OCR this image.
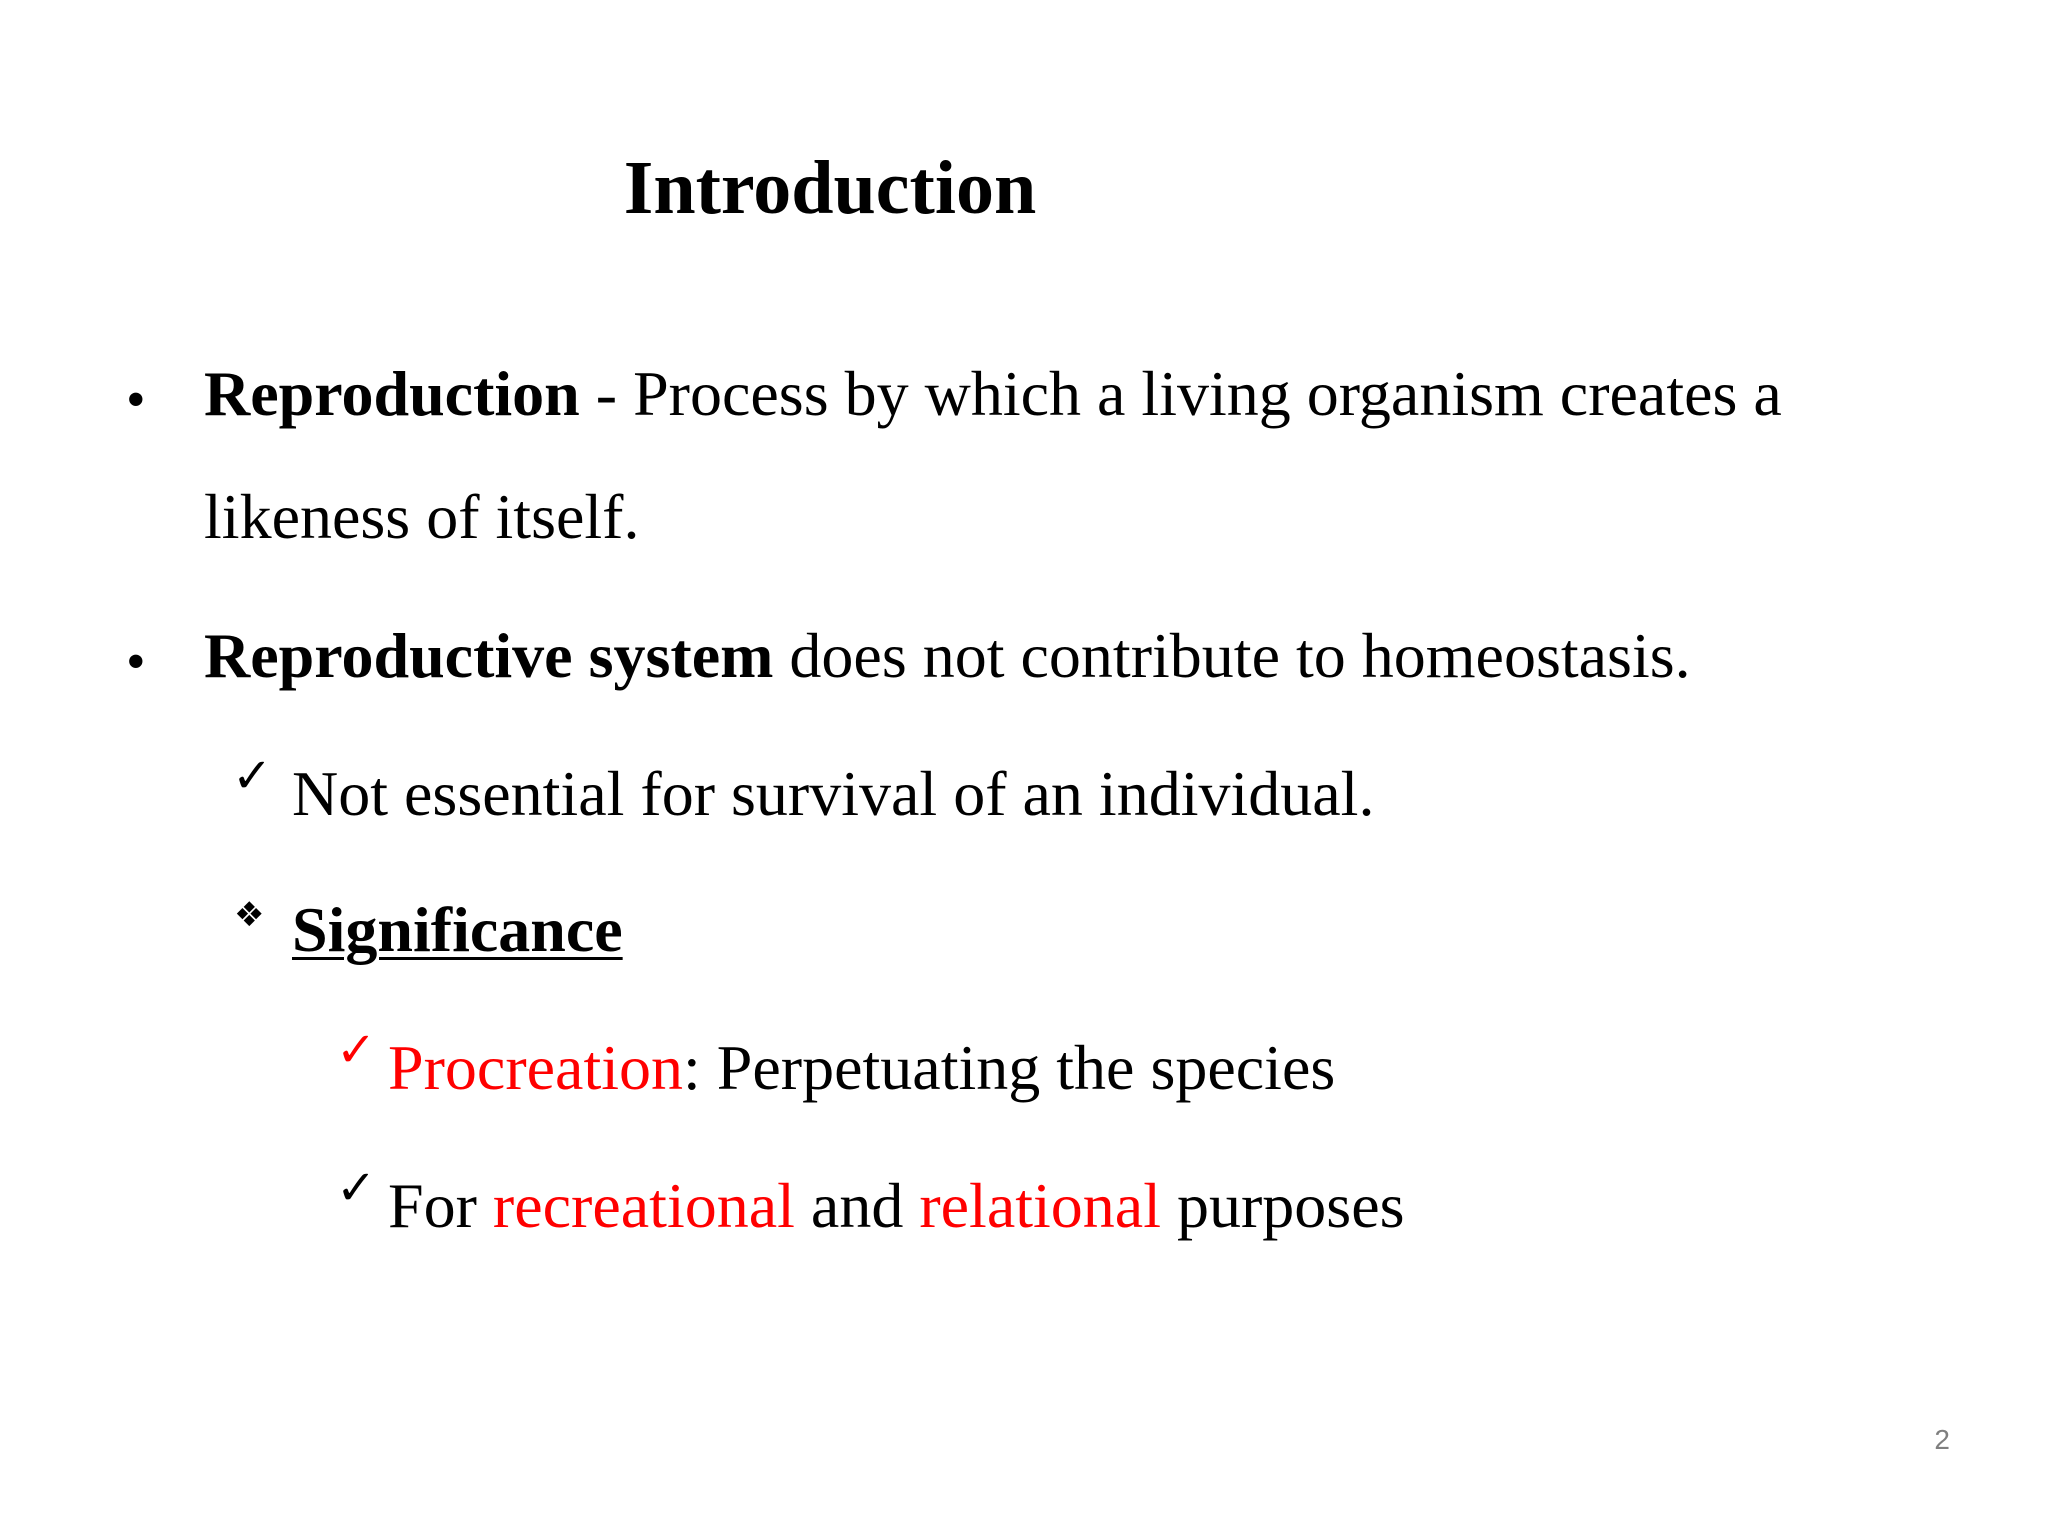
Introduction
• Reproduction - Process by which a living organism creates a
likeness of itself.
• Reproductive system does not contribute to homeostasis.
✓ Not essential for survival of an individual.
❖ Significance
✓ Procreation: Perpetuating the species
✓ For recreational and relational purposes
2
